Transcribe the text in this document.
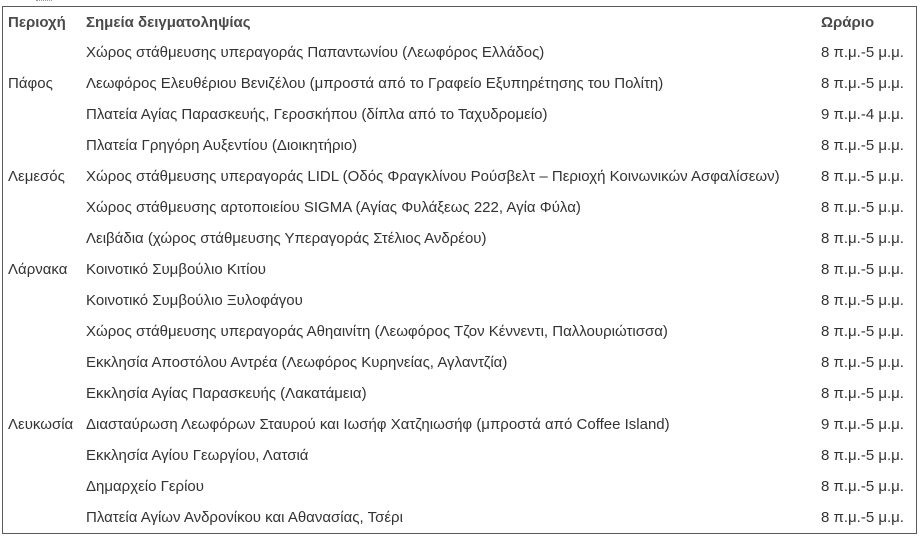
Περιοχή	Σημεία δειγματοληψίας	Ωράριο
	Χώρος στάθμευσης υπεραγοράς Παπαντωνίου (Λεωφόρος Ελλάδος)	8 π.μ.-5 μ.μ.
Πάφος	Λεωφόρος Ελευθέριου Βενιζέλου (μπροστά από το Γραφείο Εξυπηρέτησης του Πολίτη)	8 π.μ.-5 μ.μ.
	Πλατεία Αγίας Παρασκευής, Γεροσκήπου (δίπλα από το Ταχυδρομείο)	9 π.μ.-4 μ.μ.
	Πλατεία Γρηγόρη Αυξεντίου (Διοικητήριο)	8 π.μ.-5 μ.μ.
Λεμεσός	Χώρος στάθμευσης υπεραγοράς LIDL (Οδός Φραγκλίνου Ρούσβελτ – Περιοχή Κοινωνικών Ασφαλίσεων)	8 π.μ.-5 μ.μ.
	Χώρος στάθμευσης αρτοποιείου SIGMA (Αγίας Φυλάξεως 222, Αγία Φύλα)	8 π.μ.-5 μ.μ.
	Λειβάδια (χώρος στάθμευσης Υπεραγοράς Στέλιος Ανδρέου)	8 π.μ.-5 μ.μ.
Λάρνακα	Κοινοτικό Συμβούλιο Κιτίου	8 π.μ.-5 μ.μ.
	Κοινοτικό Συμβούλιο Ξυλοφάγου	8 π.μ.-5 μ.μ.
	Χώρος στάθμευσης υπεραγοράς Αθηαινίτη (Λεωφόρος Τζον Κέννεντι, Παλλουριώτισσα)	8 π.μ.-5 μ.μ.
	Εκκλησία Αποστόλου Αντρέα (Λεωφόρος Κυρηνείας, Αγλαντζία)	8 π.μ.-5 μ.μ.
	Εκκλησία Αγίας Παρασκευής (Λακατάμεια)	8 π.μ.-5 μ.μ.
Λευκωσία	Διασταύρωση Λεωφόρων Σταυρού και Ιωσήφ Χατζηιωσήφ (μπροστά από Coffee Island)	9 π.μ.-5 μ.μ.
	Εκκλησία Αγίου Γεωργίου, Λατσιά	8 π.μ.-5 μ.μ.
	Δημαρχείο Γερίου	8 π.μ.-5 μ.μ.
	Πλατεία Αγίων Ανδρονίκου και Αθανασίας, Τσέρι	8 π.μ.-5 μ.μ.
